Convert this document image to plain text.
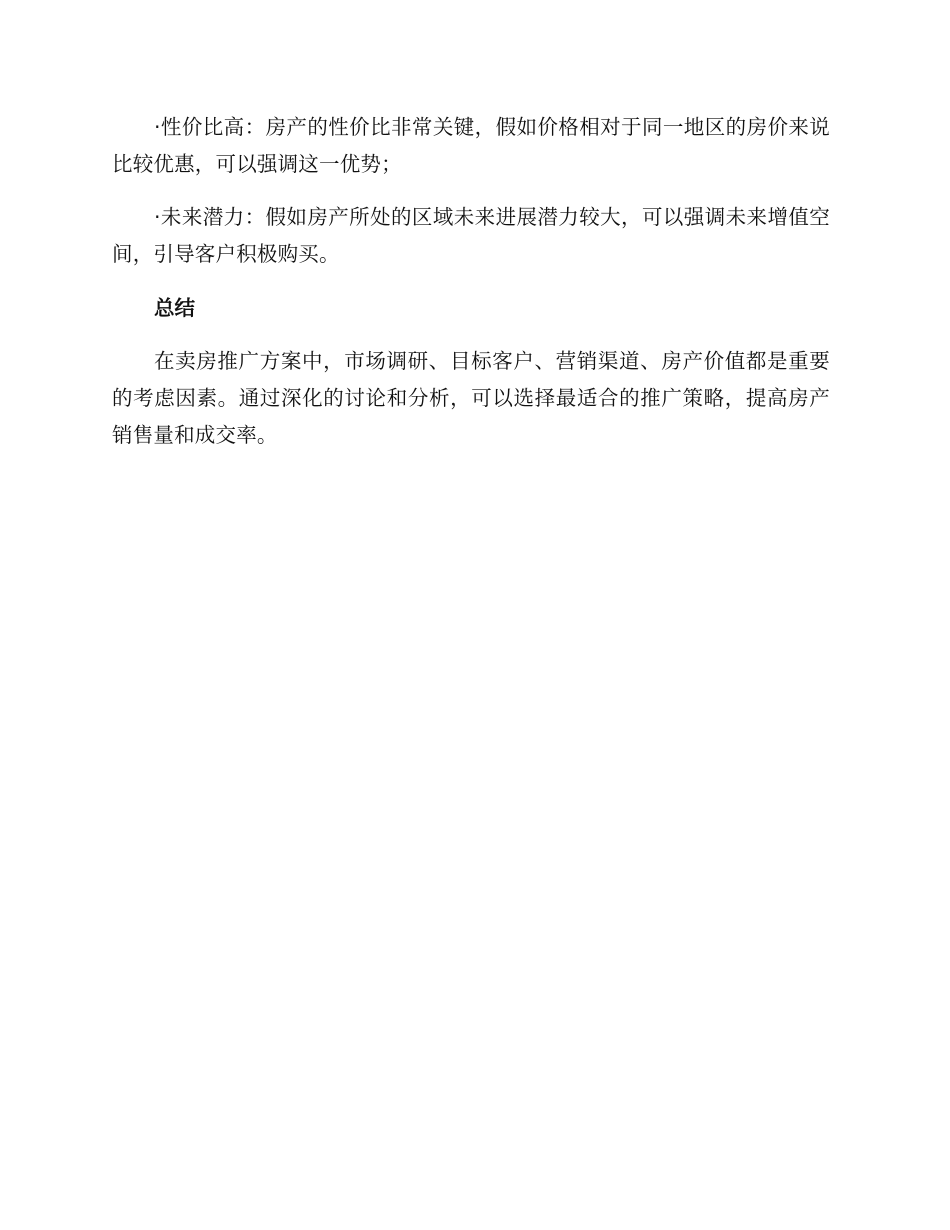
·性价比高：房产的性价比非常关键，假如价格相对于同一地区的房价来说比较优惠，可以强调这一优势；

·未来潜力：假如房产所处的区域未来进展潜力较大，可以强调未来增值空间，引导客户积极购买。

总结

在卖房推广方案中，市场调研、目标客户、营销渠道、房产价值都是重要的考虑因素。通过深化的讨论和分析，可以选择最适合的推广策略，提高房产销售量和成交率。
